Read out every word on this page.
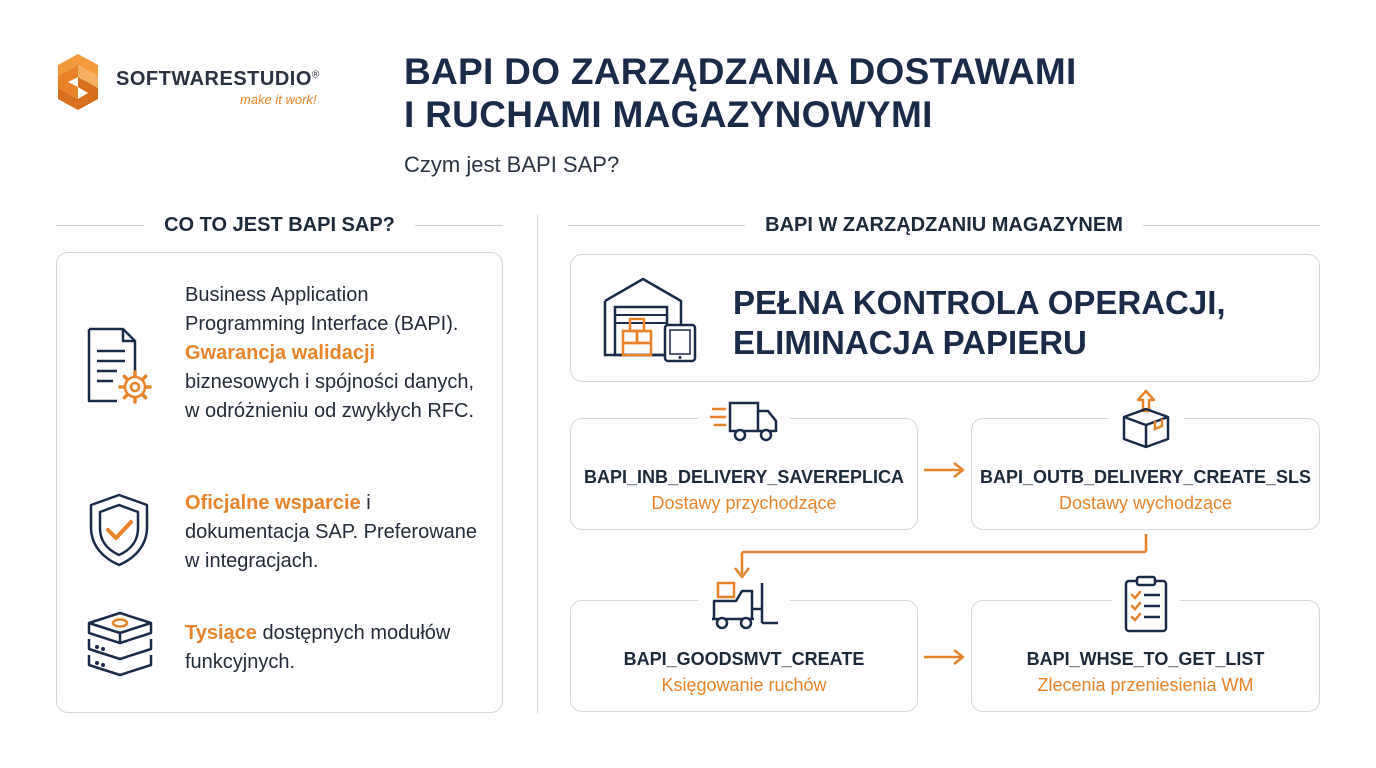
SOFTWARESTUDIO®
make it work!
BAPI DO ZARZĄDZANIA DOSTAWAMI
I RUCHAMI MAGAZYNOWYMI
Czym jest BAPI SAP?
CO TO JEST BAPI SAP?	BAPI W ZARZĄDZANIU MAGAZYNEM
Business Application Programming Interface (BAPI). Gwarancja walidacji biznesowych i spójności danych, w odróżnieniu od zwykłych RFC.
Oficjalne wsparcie i dokumentacja SAP. Preferowane w integracjach.
Tysiące dostępnych modułów funkcyjnych.
PEŁNA KONTROLA OPERACJI,
ELIMINACJA PAPIERU
BAPI_INB_DELIVERY_SAVEREPLICA
Dostawy przychodzące
BAPI_OUTB_DELIVERY_CREATE_SLS
Dostawy wychodzące
BAPI_GOODSMVT_CREATE
Księgowanie ruchów
BAPI_WHSE_TO_GET_LIST
Zlecenia przeniesienia WM
